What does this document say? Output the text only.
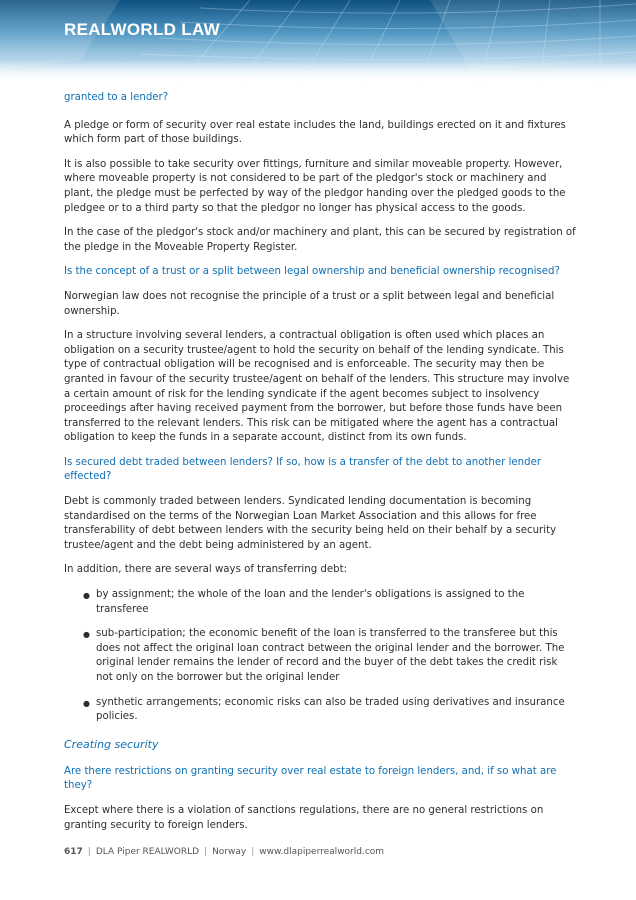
REALWORLD LAW
granted to a lender?

A pledge or form of security over real estate includes the land, buildings erected on it and fixtures which form part of those buildings.

It is also possible to take security over fittings, furniture and similar moveable property. However, where moveable property is not considered to be part of the pledgor's stock or machinery and plant, the pledge must be perfected by way of the pledgor handing over the pledged goods to the pledgee or to a third party so that the pledgor no longer has physical access to the goods.

In the case of the pledgor's stock and/or machinery and plant, this can be secured by registration of the pledge in the Moveable Property Register.

Is the concept of a trust or a split between legal ownership and beneficial ownership recognised?

Norwegian law does not recognise the principle of a trust or a split between legal and beneficial ownership.

In a structure involving several lenders, a contractual obligation is often used which places an obligation on a security trustee/agent to hold the security on behalf of the lending syndicate. This type of contractual obligation will be recognised and is enforceable. The security may then be granted in favour of the security trustee/agent on behalf of the lenders. This structure may involve a certain amount of risk for the lending syndicate if the agent becomes subject to insolvency proceedings after having received payment from the borrower, but before those funds have been transferred to the relevant lenders. This risk can be mitigated where the agent has a contractual obligation to keep the funds in a separate account, distinct from its own funds.

Is secured debt traded between lenders? If so, how is a transfer of the debt to another lender effected?

Debt is commonly traded between lenders. Syndicated lending documentation is becoming standardised on the terms of the Norwegian Loan Market Association and this allows for free transferability of debt between lenders with the security being held on their behalf by a security trustee/agent and the debt being administered by an agent.

In addition, there are several ways of transferring debt:

● by assignment; the whole of the loan and the lender's obligations is assigned to the transferee
● sub-participation; the economic benefit of the loan is transferred to the transferee but this does not affect the original loan contract between the original lender and the borrower. The original lender remains the lender of record and the buyer of the debt takes the credit risk not only on the borrower but the original lender
● synthetic arrangements; economic risks can also be traded using derivatives and insurance policies.
Creating security
Are there restrictions on granting security over real estate to foreign lenders, and, if so what are they?

Except where there is a violation of sanctions regulations, there are no general restrictions on granting security to foreign lenders.

617 | DLA Piper REALWORLD | Norway | www.dlapiperrealworld.com
